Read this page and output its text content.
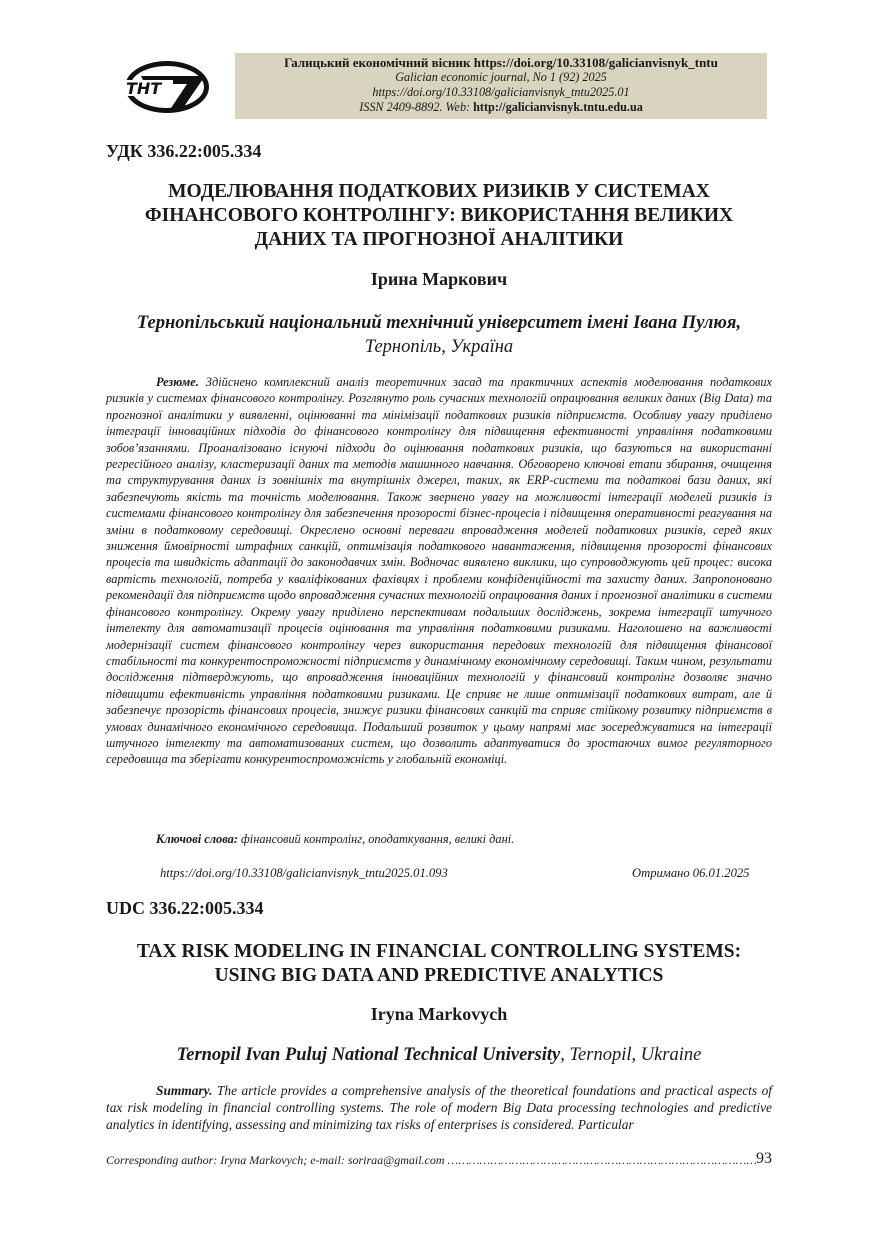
ТНТ
Галицький економічний вісник https://doi.org/10.33108/galicianvisnyk_tntu
Galician economic journal, No 1 (92) 2025
https://doi.org/10.33108/galicianvisnyk_tntu2025.01
ISSN 2409-8892. Web: http://galicianvisnyk.tntu.edu.ua
УДК 336.22:005.334
МОДЕЛЮВАННЯ ПОДАТКОВИХ РИЗИКІВ У СИСТЕМАХ
ФІНАНСОВОГО КОНТРОЛІНГУ: ВИКОРИСТАННЯ ВЕЛИКИХ
ДАНИХ ТА ПРОГНОЗНОЇ АНАЛІТИКИ
Ірина Маркович
Тернопільський національний технічний університет імені Івана Пулюя,
Тернопіль, Україна
Резюме. Здійснено комплексний аналіз теоретичних засад та практичних аспектів моделювання податкових ризиків у системах фінансового контролінгу. Розглянуто роль сучасних технологій опрацювання великих даних (Big Data) та прогнозної аналітики у виявленні, оцінюванні та мінімізації податкових ризиків підприємств. Особливу увагу приділено інтеграції інноваційних підходів до фінансового контролінгу для підвищення ефективності управління податковими зобов’язаннями. Проаналізовано існуючі підходи до оцінювання податкових ризиків, що базуються на використанні регресійного аналізу, кластеризації даних та методів машинного навчання. Обговорено ключові етапи збирання, очищення та структурування даних із зовнішніх та внутрішніх джерел, таких, як ERP-системи та податкові бази даних, які забезпечують якість та точність моделювання. Також звернено увагу на можливості інтеграції моделей ризиків із системами фінансового контролінгу для забезпечення прозорості бізнес-процесів і підвищення оперативності реагування на зміни в податковому середовищі. Окреслено основні переваги впровадження моделей податкових ризиків, серед яких зниження ймовірності штрафних санкцій, оптимізація податкового навантаження, підвищення прозорості фінансових процесів та швидкість адаптації до законодавчих змін. Водночас виявлено виклики, що супроводжують цей процес: висока вартість технологій, потреба у кваліфікованих фахівцях і проблеми конфіденційності та захисту даних. Запропоновано рекомендації для підприємств щодо впровадження сучасних технологій опрацювання даних і прогнозної аналітики в системи фінансового контролінгу. Окрему увагу приділено перспективам подальших досліджень, зокрема інтеграції штучного інтелекту для автоматизації процесів оцінювання та управління податковими ризиками. Наголошено на важливості модернізації систем фінансового контролінгу через використання передових технологій для підвищення фінансової стабільності та конкурентоспроможності підприємств у динамічному економічному середовищі. Таким чином, результати дослідження підтверджують, що впровадження інноваційних технологій у фінансовий контролінг дозволяє значно підвищити ефективність управління податковими ризиками. Це сприяє не лише оптимізації податкових витрат, але й забезпечує прозорість фінансових процесів, знижує ризики фінансових санкцій та сприяє стійкому розвитку підприємств в умовах динамічного економічного середовища. Подальший розвиток у цьому напрямі має зосереджуватися на інтеграції штучного інтелекту та автоматизованих систем, що дозволить адаптуватися до зростаючих вимог регуляторного середовища та зберігати конкурентоспроможність у глобальній економіці.
Ключові слова: фінансовий контролінг, оподаткування, великі дані.
https://doi.org/10.33108/galicianvisnyk_tntu2025.01.093	Отримано 06.01.2025
UDC 336.22:005.334
TAX RISK MODELING IN FINANCIAL CONTROLLING SYSTEMS:
USING BIG DATA AND PREDICTIVE ANALYTICS
Iryna Markovych
Ternopil Ivan Puluj National Technical University, Ternopil, Ukraine
Summary. The article provides a comprehensive analysis of the theoretical foundations and practical aspects of tax risk modeling in financial controlling systems. The role of modern Big Data processing technologies and predictive analytics in identifying, assessing and minimizing tax risks of enterprises is considered. Particular
Corresponding author: Iryna Markovych; e-mail: soriraa@gmail.com …………………………………………………………………………… 93
